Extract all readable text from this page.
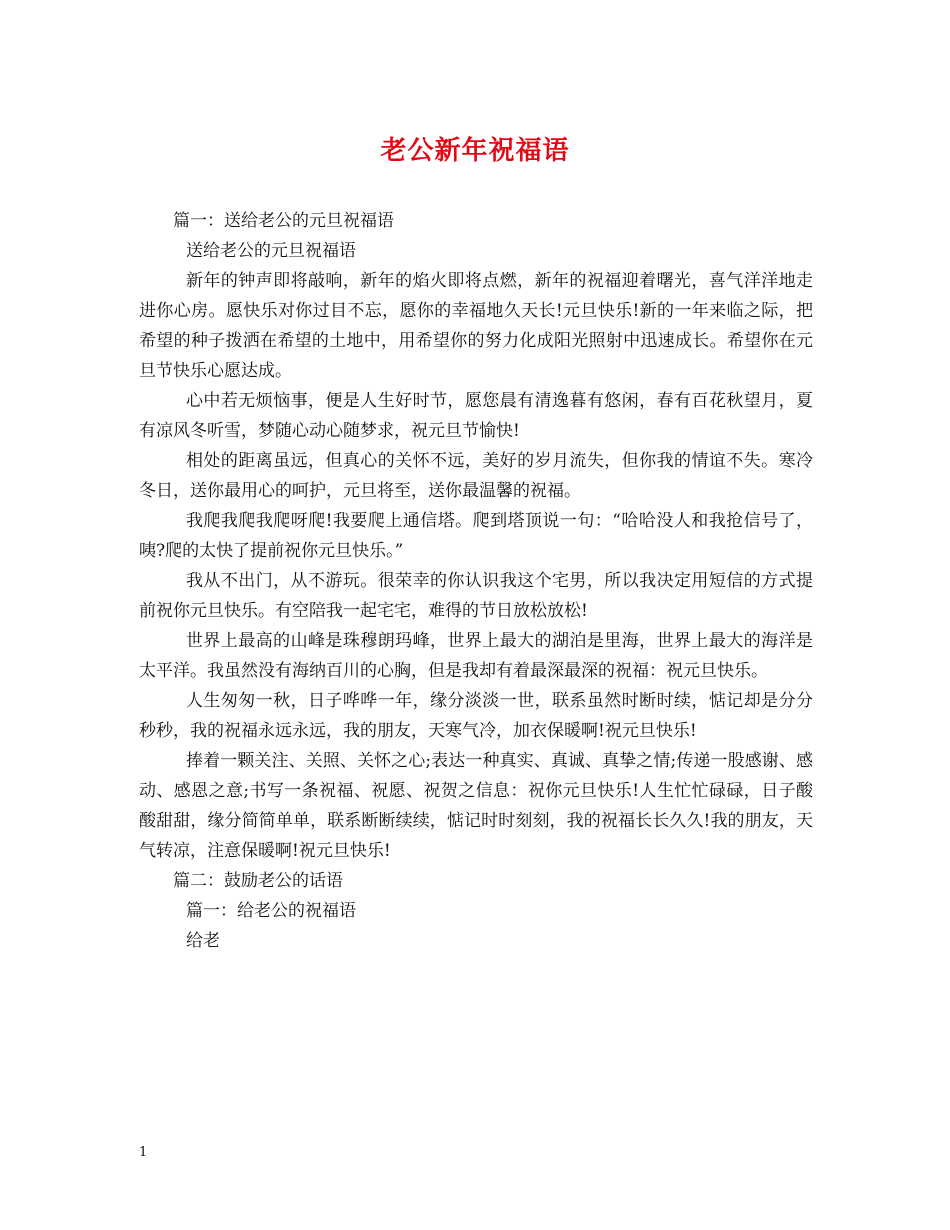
老公新年祝福语

篇一：送给老公的元旦祝福语

送给老公的元旦祝福语

新年的钟声即将敲响，新年的焰火即将点燃，新年的祝福迎着曙光，喜气洋洋地走进你心房。愿快乐对你过目不忘，愿你的幸福地久天长!元旦快乐!新的一年来临之际，把希望的种子拨洒在希望的土地中，用希望你的努力化成阳光照射中迅速成长。希望你在元旦节快乐心愿达成。

心中若无烦恼事，便是人生好时节，愿您晨有清逸暮有悠闲，春有百花秋望月，夏有凉风冬听雪，梦随心动心随梦求，祝元旦节愉快!

相处的距离虽远，但真心的关怀不远，美好的岁月流失，但你我的情谊不失。寒冷冬日，送你最用心的呵护，元旦将至，送你最温馨的祝福。

我爬我爬我爬呀爬!我要爬上通信塔。爬到塔顶说一句：“哈哈没人和我抢信号了，咦?爬的太快了提前祝你元旦快乐。”

我从不出门，从不游玩。很荣幸的你认识我这个宅男，所以我决定用短信的方式提前祝你元旦快乐。有空陪我一起宅宅，难得的节日放松放松!

世界上最高的山峰是珠穆朗玛峰，世界上最大的湖泊是里海，世界上最大的海洋是太平洋。我虽然没有海纳百川的心胸，但是我却有着最深最深的祝福：祝元旦快乐。

人生匆匆一秋，日子哗哗一年，缘分淡淡一世，联系虽然时断时续，惦记却是分分秒秒，我的祝福永远永远，我的朋友，天寒气冷，加衣保暖啊!祝元旦快乐!

捧着一颗关注、关照、关怀之心;表达一种真实、真诚、真挚之情;传递一股感谢、感动、感恩之意;书写一条祝福、祝愿、祝贺之信息：祝你元旦快乐!人生忙忙碌碌，日子酸酸甜甜，缘分简简单单，联系断断续续，惦记时时刻刻，我的祝福长长久久!我的朋友，天气转凉，注意保暖啊!祝元旦快乐!

篇二：鼓励老公的话语

篇一：给老公的祝福语

给老

1
